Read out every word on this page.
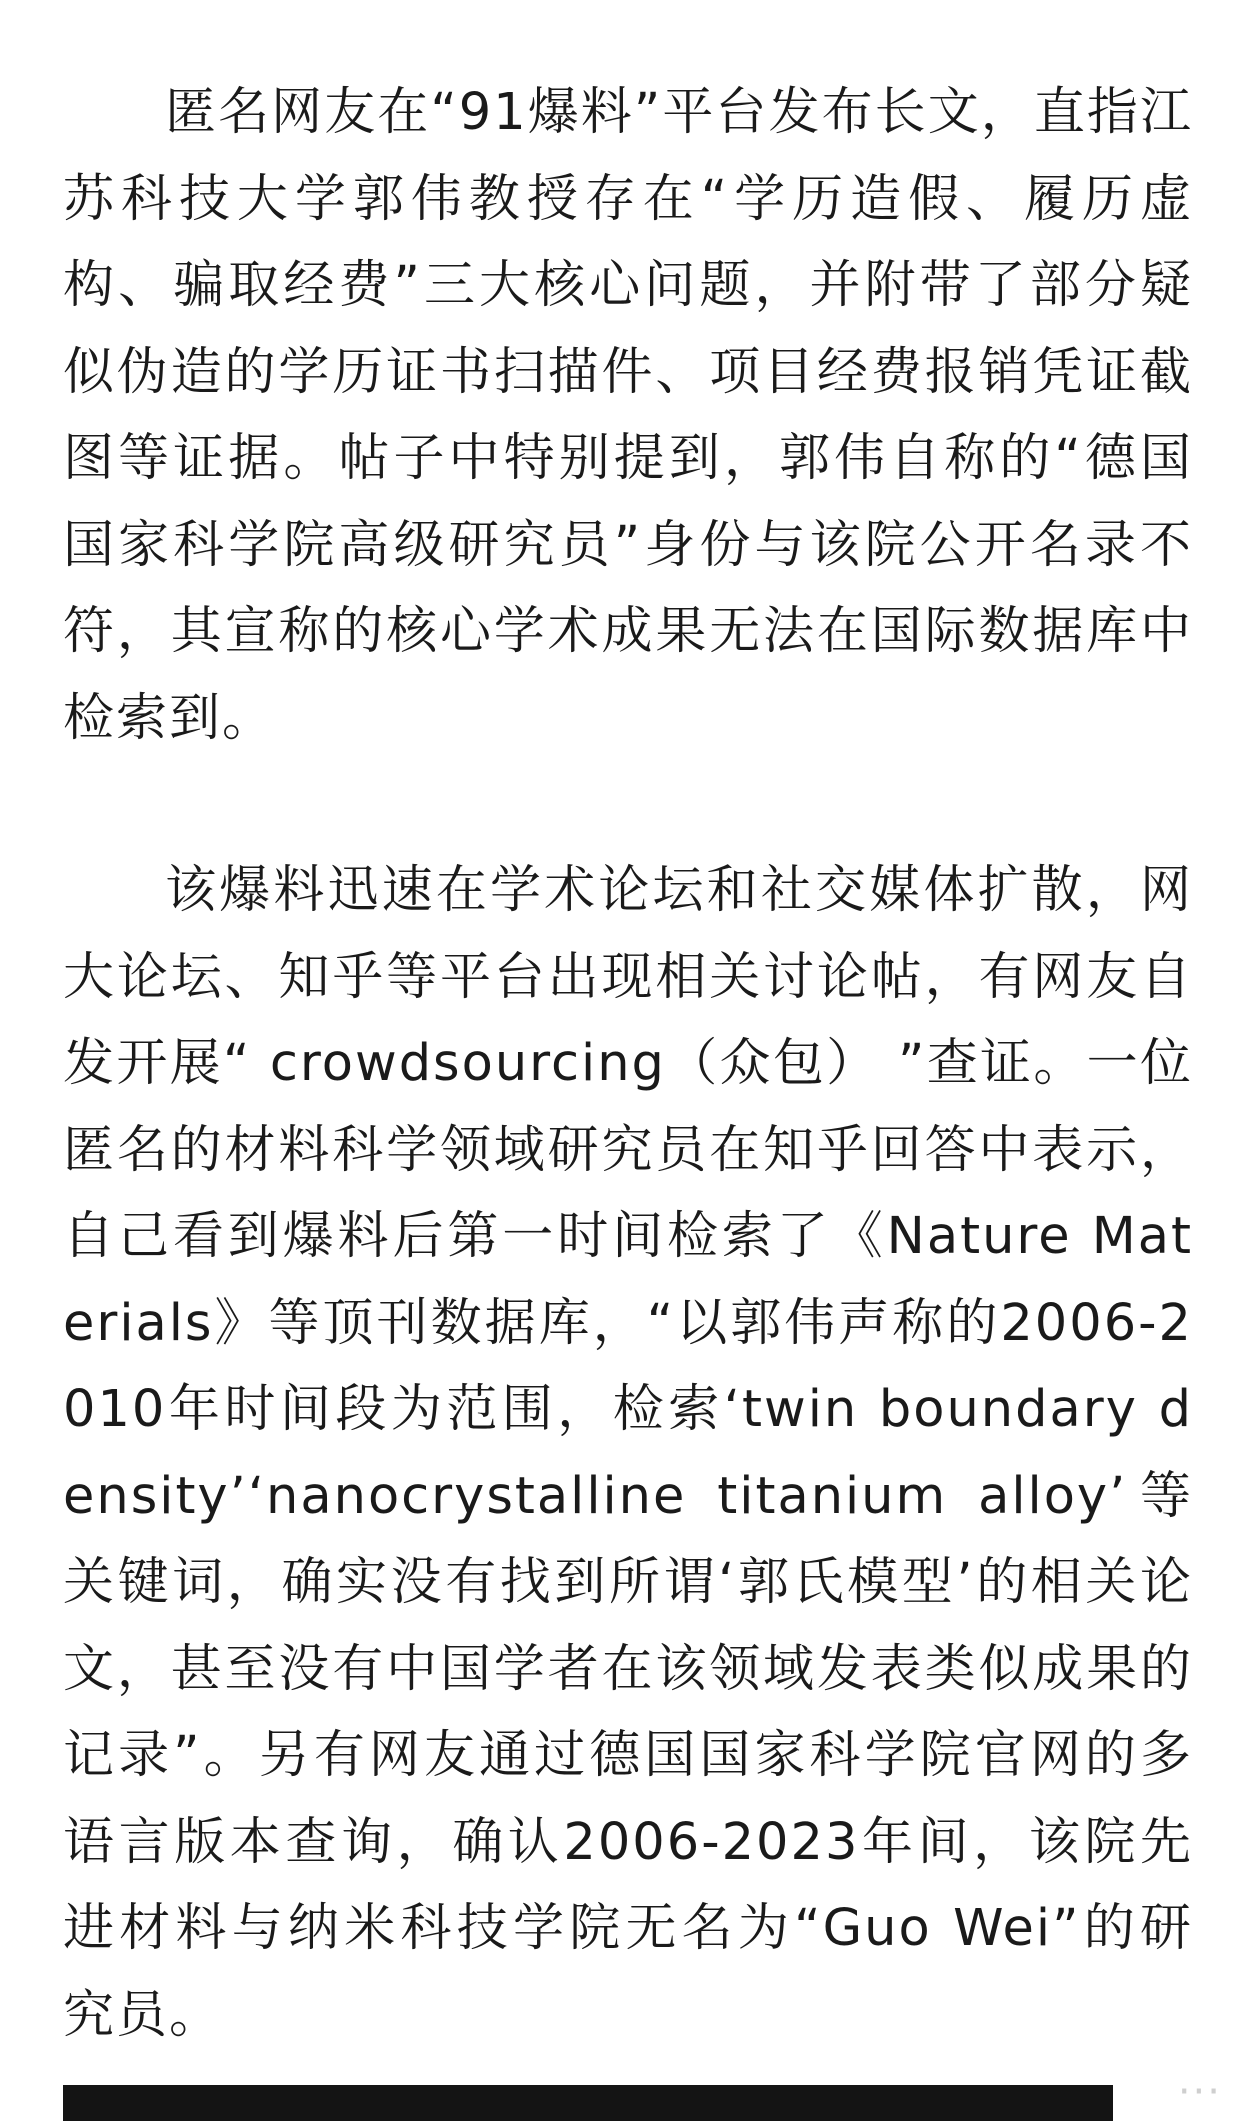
匿名网友在“91爆料”平台发布长文，直指江苏科技大学郭伟教授存在“学历造假、履历虚构、骗取经费”三大核心问题，并附带了部分疑似伪造的学历证书扫描件、项目经费报销凭证截图等证据。帖子中特别提到，郭伟自称的“德国国家科学院高级研究员”身份与该院公开名录不符，其宣称的核心学术成果无法在国际数据库中检索到。

该爆料迅速在学术论坛和社交媒体扩散，网大论坛、知乎等平台出现相关讨论帖，有网友自发开展“ crowdsourcing（众包） ”查证。一位匿名的材料科学领域研究员在知乎回答中表示，自己看到爆料后第一时间检索了《Nature Materials》等顶刊数据库，“以郭伟声称的2006-2010年时间段为范围，检索‘twin boundary density’‘nanocrystalline titanium alloy’等关键词，确实没有找到所谓‘郭氏模型’的相关论文，甚至没有中国学者在该领域发表类似成果的记录”。另有网友通过德国国家科学院官网的多语言版本查询，确认2006-2023年间，该院先进材料与纳米科技学院无名为“Guo Wei”的研究员。

···
